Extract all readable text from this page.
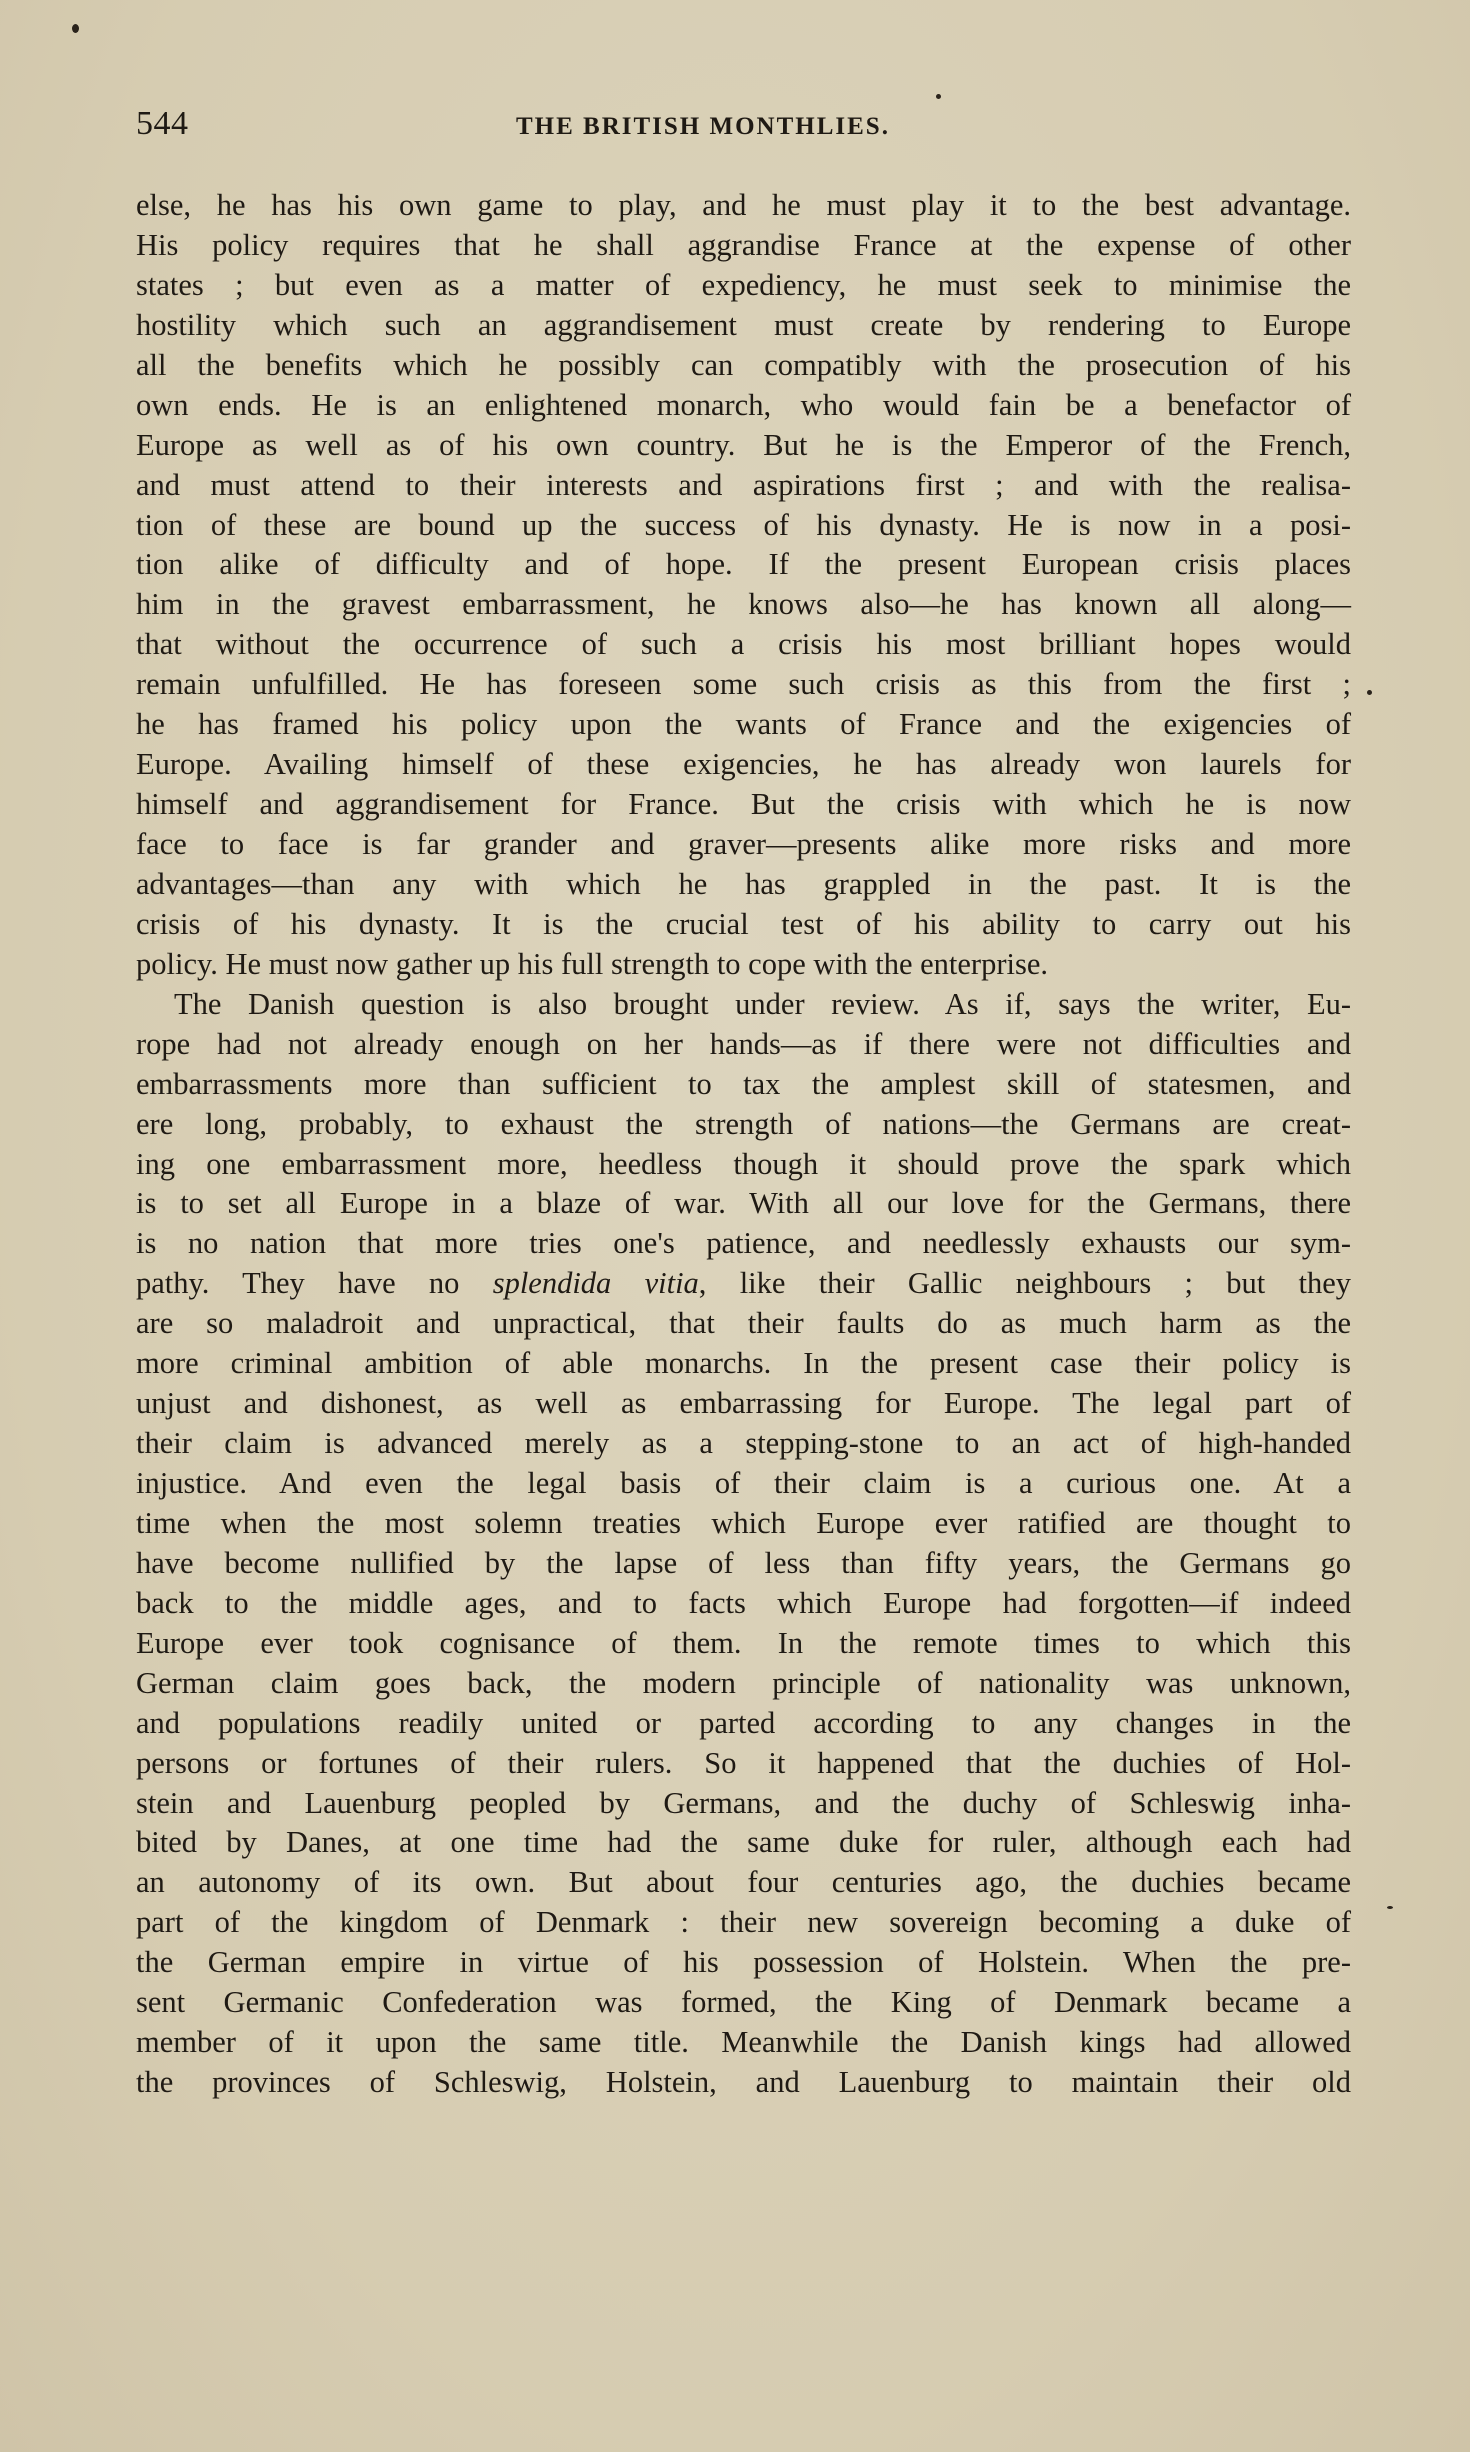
544	THE BRITISH MONTHLIES.
else, he has his own game to play, and he must play it to the best advantage.
His policy requires that he shall aggrandise France at the expense of other
states ; but even as a matter of expediency, he must seek to minimise the
hostility which such an aggrandisement must create by rendering to Europe
all the benefits which he possibly can compatibly with the prosecution of his
own ends. He is an enlightened monarch, who would fain be a benefactor of
Europe as well as of his own country. But he is the Emperor of the French,
and must attend to their interests and aspirations first ; and with the realisa-
tion of these are bound up the success of his dynasty. He is now in a posi-
tion alike of difficulty and of hope. If the present European crisis places
him in the gravest embarrassment, he knows also—he has known all along—
that without the occurrence of such a crisis his most brilliant hopes would
remain unfulfilled. He has foreseen some such crisis as this from the first ;
he has framed his policy upon the wants of France and the exigencies of
Europe. Availing himself of these exigencies, he has already won laurels for
himself and aggrandisement for France. But the crisis with which he is now
face to face is far grander and graver—presents alike more risks and more
advantages—than any with which he has grappled in the past. It is the
crisis of his dynasty. It is the crucial test of his ability to carry out his
policy. He must now gather up his full strength to cope with the enterprise.
The Danish question is also brought under review. As if, says the writer, Eu-
rope had not already enough on her hands—as if there were not difficulties and
embarrassments more than sufficient to tax the amplest skill of statesmen, and
ere long, probably, to exhaust the strength of nations—the Germans are creat-
ing one embarrassment more, heedless though it should prove the spark which
is to set all Europe in a blaze of war. With all our love for the Germans, there
is no nation that more tries one's patience, and needlessly exhausts our sym-
pathy. They have no splendida vitia, like their Gallic neighbours ; but they
are so maladroit and unpractical, that their faults do as much harm as the
more criminal ambition of able monarchs. In the present case their policy is
unjust and dishonest, as well as embarrassing for Europe. The legal part of
their claim is advanced merely as a stepping-stone to an act of high-handed
injustice. And even the legal basis of their claim is a curious one. At a
time when the most solemn treaties which Europe ever ratified are thought to
have become nullified by the lapse of less than fifty years, the Germans go
back to the middle ages, and to facts which Europe had forgotten—if indeed
Europe ever took cognisance of them. In the remote times to which this
German claim goes back, the modern principle of nationality was unknown,
and populations readily united or parted according to any changes in the
persons or fortunes of their rulers. So it happened that the duchies of Hol-
stein and Lauenburg peopled by Germans, and the duchy of Schleswig inha-
bited by Danes, at one time had the same duke for ruler, although each had
an autonomy of its own. But about four centuries ago, the duchies became
part of the kingdom of Denmark : their new sovereign becoming a duke of
the German empire in virtue of his possession of Holstein. When the pre-
sent Germanic Confederation was formed, the King of Denmark became a
member of it upon the same title. Meanwhile the Danish kings had allowed
the provinces of Schleswig, Holstein, and Lauenburg to maintain their old
